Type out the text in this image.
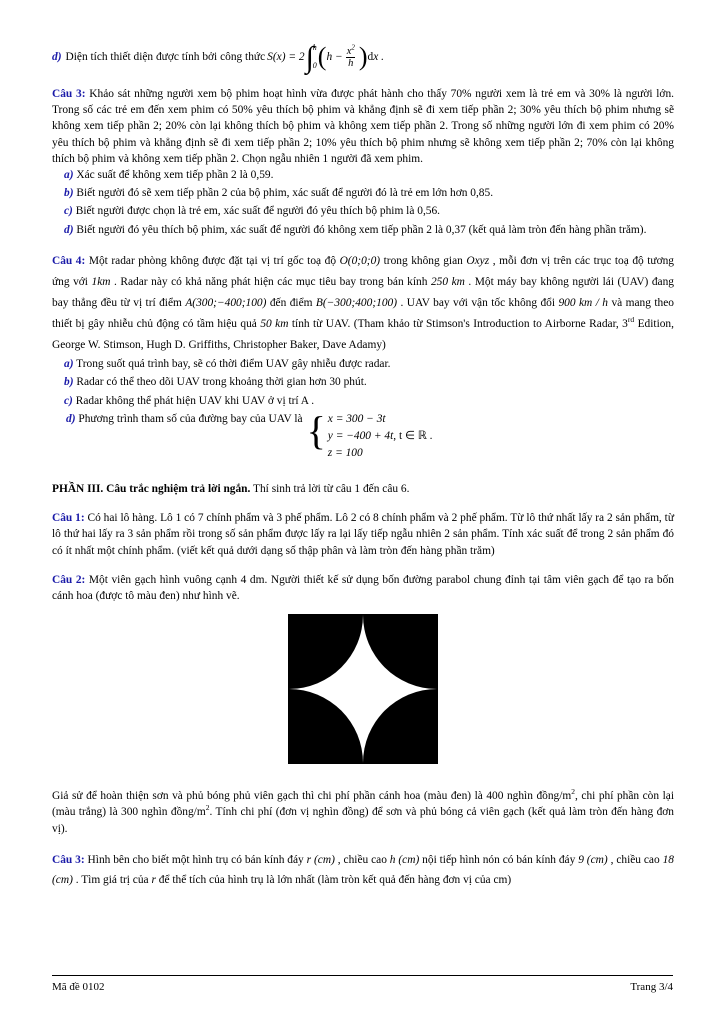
d) Diện tích thiết diện được tính bởi công thức S(x) = 2 ∫ h
0 ( $h - \frac{x^2}{h}$ ) dx .

Câu 3: Khảo sát những người xem bộ phim hoạt hình vừa được phát hành cho thấy 70% người xem là trẻ em và 30% là người lớn. Trong số các trẻ em đến xem phim có 50% yêu thích bộ phim và khẳng định sẽ đi xem tiếp phần 2; 30% yêu thích bộ phim nhưng sẽ không xem tiếp phần 2; 20% còn lại không thích bộ phim và không xem tiếp phần 2. Trong số những người lớn đi xem phim có 20% yêu thích bộ phim và khẳng định sẽ đi xem tiếp phần 2; 10% yêu thích bộ phim nhưng sẽ không xem tiếp phần 2; 70% còn lại không thích bộ phim và không xem tiếp phần 2. Chọn ngẫu nhiên 1 người đã xem phim.

a) Xác suất để không xem tiếp phần 2 là 0,59.
b) Biết người đó sẽ xem tiếp phần 2 của bộ phim, xác suất để người đó là trẻ em lớn hơn 0,85.
c) Biết người được chọn là trẻ em, xác suất để người đó yêu thích bộ phim là 0,56.
d) Biết người đó yêu thích bộ phim, xác suất để người đó không xem tiếp phần 2 là 0,37 (kết quả làm tròn đến hàng phần trăm).

Câu 4: Một radar phòng không được đặt tại vị trí gốc toạ độ O(0;0;0) trong không gian Oxyz , mỗi đơn vị trên các trục toạ độ tương ứng với 1km . Radar này có khả năng phát hiện các mục tiêu bay trong bán kính 250 km . Một máy bay không người lái (UAV) đang bay thẳng đều từ vị trí điểm A(300;−400;100) đến điểm B(−300;400;100) . UAV bay với vận tốc không đổi 900 km / h và mang theo thiết bị gây nhiễu chủ động có tầm hiệu quả 50 km tính từ UAV. (Tham khảo từ Stimson's Introduction to Airborne Radar, 3rd Edition, George W. Stimson, Hugh D. Griffiths, Christopher Baker, Dave Adamy)

a) Trong suốt quá trình bay, sẽ có thời điểm UAV gây nhiễu được radar.
b) Radar có thể theo dõi UAV trong khoảng thời gian hơn 30 phút.
c) Radar không thể phát hiện UAV khi UAV ở vị trí A .
d) Phương trình tham số của đường bay của UAV là { x = 300 − 3t
y = −400 + 4t, t ∈ ℝ .
z = 100

PHẦN III. Câu trắc nghiệm trả lời ngắn. Thí sinh trả lời từ câu 1 đến câu 6.

Câu 1: Có hai lô hàng. Lô 1 có 7 chính phẩm và 3 phế phẩm. Lô 2 có 8 chính phẩm và 2 phế phẩm. Từ lô thứ nhất lấy ra 2 sản phẩm, từ lô thứ hai lấy ra 3 sản phẩm rồi trong số sản phẩm được lấy ra lại lấy tiếp ngẫu nhiên 2 sản phẩm. Tính xác suất để trong 2 sản phẩm đó có ít nhất một chính phẩm. (viết kết quả dưới dạng số thập phân và làm tròn đến hàng phần trăm)

Câu 2: Một viên gạch hình vuông cạnh 4 dm. Người thiết kế sử dụng bốn đường parabol chung đỉnh tại tâm viên gạch để tạo ra bốn cánh hoa (được tô màu đen) như hình vẽ.

Giả sử để hoàn thiện sơn và phủ bóng phủ viên gạch thì chi phí phần cánh hoa (màu đen) là 400 nghìn đồng/$m^2$, chi phí phần còn lại (màu trắng) là 300 nghìn đồng/$m^2$. Tính chi phí (đơn vị nghìn đồng) để sơn và phủ bóng cả viên gạch (kết quả làm tròn đến hàng đơn vị).

Câu 3: Hình bên cho biết một hình trụ có bán kính đáy r (cm) , chiều cao h (cm) nội tiếp hình nón có bán kính đáy 9 (cm) , chiều cao 18 (cm) . Tìm giá trị của r để thể tích của hình trụ là lớn nhất (làm tròn kết quả đến hàng đơn vị của cm)

Mã đề 0102	Trang 3/4
